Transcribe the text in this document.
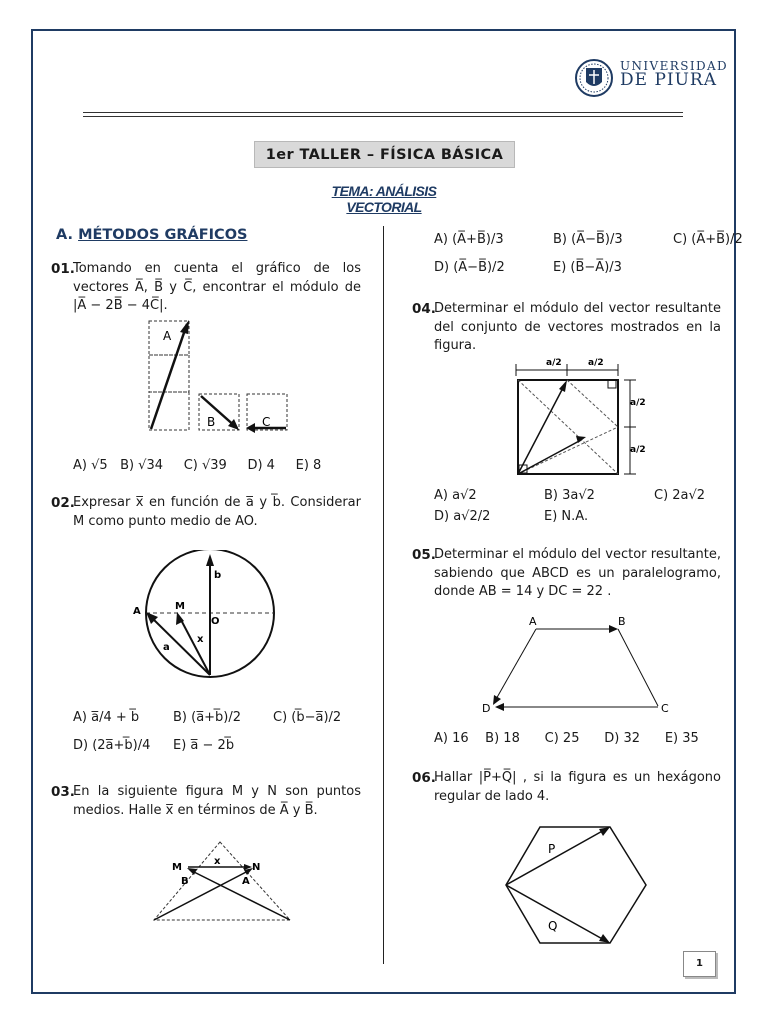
UNIVERSIDAD
DE PIURA
1er TALLER – FÍSICA BÁSICA
TEMA: ANÁLISIS VECTORIAL
A. MÉTODOS GRÁFICOS
01.
Tomando en cuenta el gráfico de los vectores A̅, B̅ y C̅, encontrar el módulo de |A̅ − 2B̅ − 4C̅|.
A
B	C
A) √5 B) √34 C) √39 D) 4 E) 8
02.
Expresar x̅ en función de a̅ y b̅. Considerar M como punto medio de AO.
A	M
O
b
a
x
A) a̅/4 + b̅	B) (a̅+b̅)/2 C) (b̅−a̅)/2
D) (2a̅+b̅)/4 E) a̅ − 2b̅
03.
En la siguiente figura M y N son puntos medios. Halle x̅ en términos de A̅ y B̅.
M
x
N
B	A
A) (A̅+B̅)/3	B) (A̅−B̅)/3	C) (A̅+B̅)/2
D) (A̅−B̅)/2	E) (B̅−A̅)/3
04.
Determinar el módulo del vector resultante del conjunto de vectores mostrados en la figura.
a/2	a/2
a/2
a/2
A) a√2	B) 3a√2	C) 2a√2
D) a√2/2	E) N.A.
05.
Determinar el módulo del vector resultante, sabiendo que ABCD es un paralelogramo, donde AB = 14 y DC = 22 .
A	B
C
D
A) 16 B) 18 C) 25 D) 32 E) 35
06.
Hallar |P̅+Q̅| , si la figura es un hexágono regular de lado 4.
P
Q
1
